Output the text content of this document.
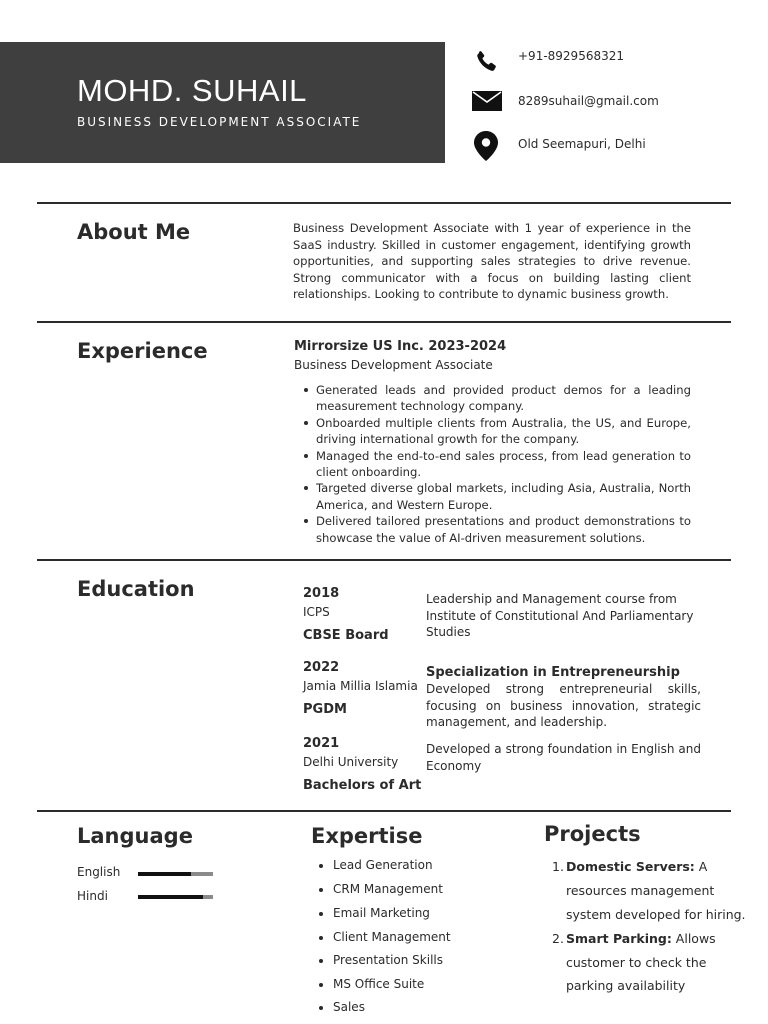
MOHD. SUHAIL
BUSINESS DEVELOPMENT ASSOCIATE
+91-8929568321
8289suhail@gmail.com
Old Seemapuri, Delhi
About Me	Business Development Associate with 1 year of experience in the SaaS industry. Skilled in customer engagement, identifying growth opportunities, and supporting sales strategies to drive revenue. Strong communicator with a focus on building lasting client relationships. Looking to contribute to dynamic business growth.
Experience	Mirrorsize US Inc. 2023-2024
Business Development Associate
Generated leads and provided product demos for a leading measurement technology company.
Onboarded multiple clients from Australia, the US, and Europe, driving international growth for the company.
Managed the end-to-end sales process, from lead generation to client onboarding.
Targeted diverse global markets, including Asia, Australia, North America, and Western Europe.
Delivered tailored presentations and product demonstrations to showcase the value of AI-driven measurement solutions.
Education	2018
ICPS
CBSE Board
Leadership and Management course from Institute of Constitutional And Parliamentary Studies
2022
Jamia Millia Islamia
PGDM
Specialization in Entrepreneurship
Developed strong entrepreneurial skills, focusing on business innovation, strategic management, and leadership.
2021
Delhi University
Bachelors of Art
Developed a strong foundation in English and Economy
Language
English
Hindi
Expertise
Lead Generation
CRM Management
Email Marketing
Client Management
Presentation Skills
MS Office Suite
Sales
Projects
1. Domestic Servers: A
resources management
system developed for hiring.
2. Smart Parking: Allows
customer to check the
parking availability
